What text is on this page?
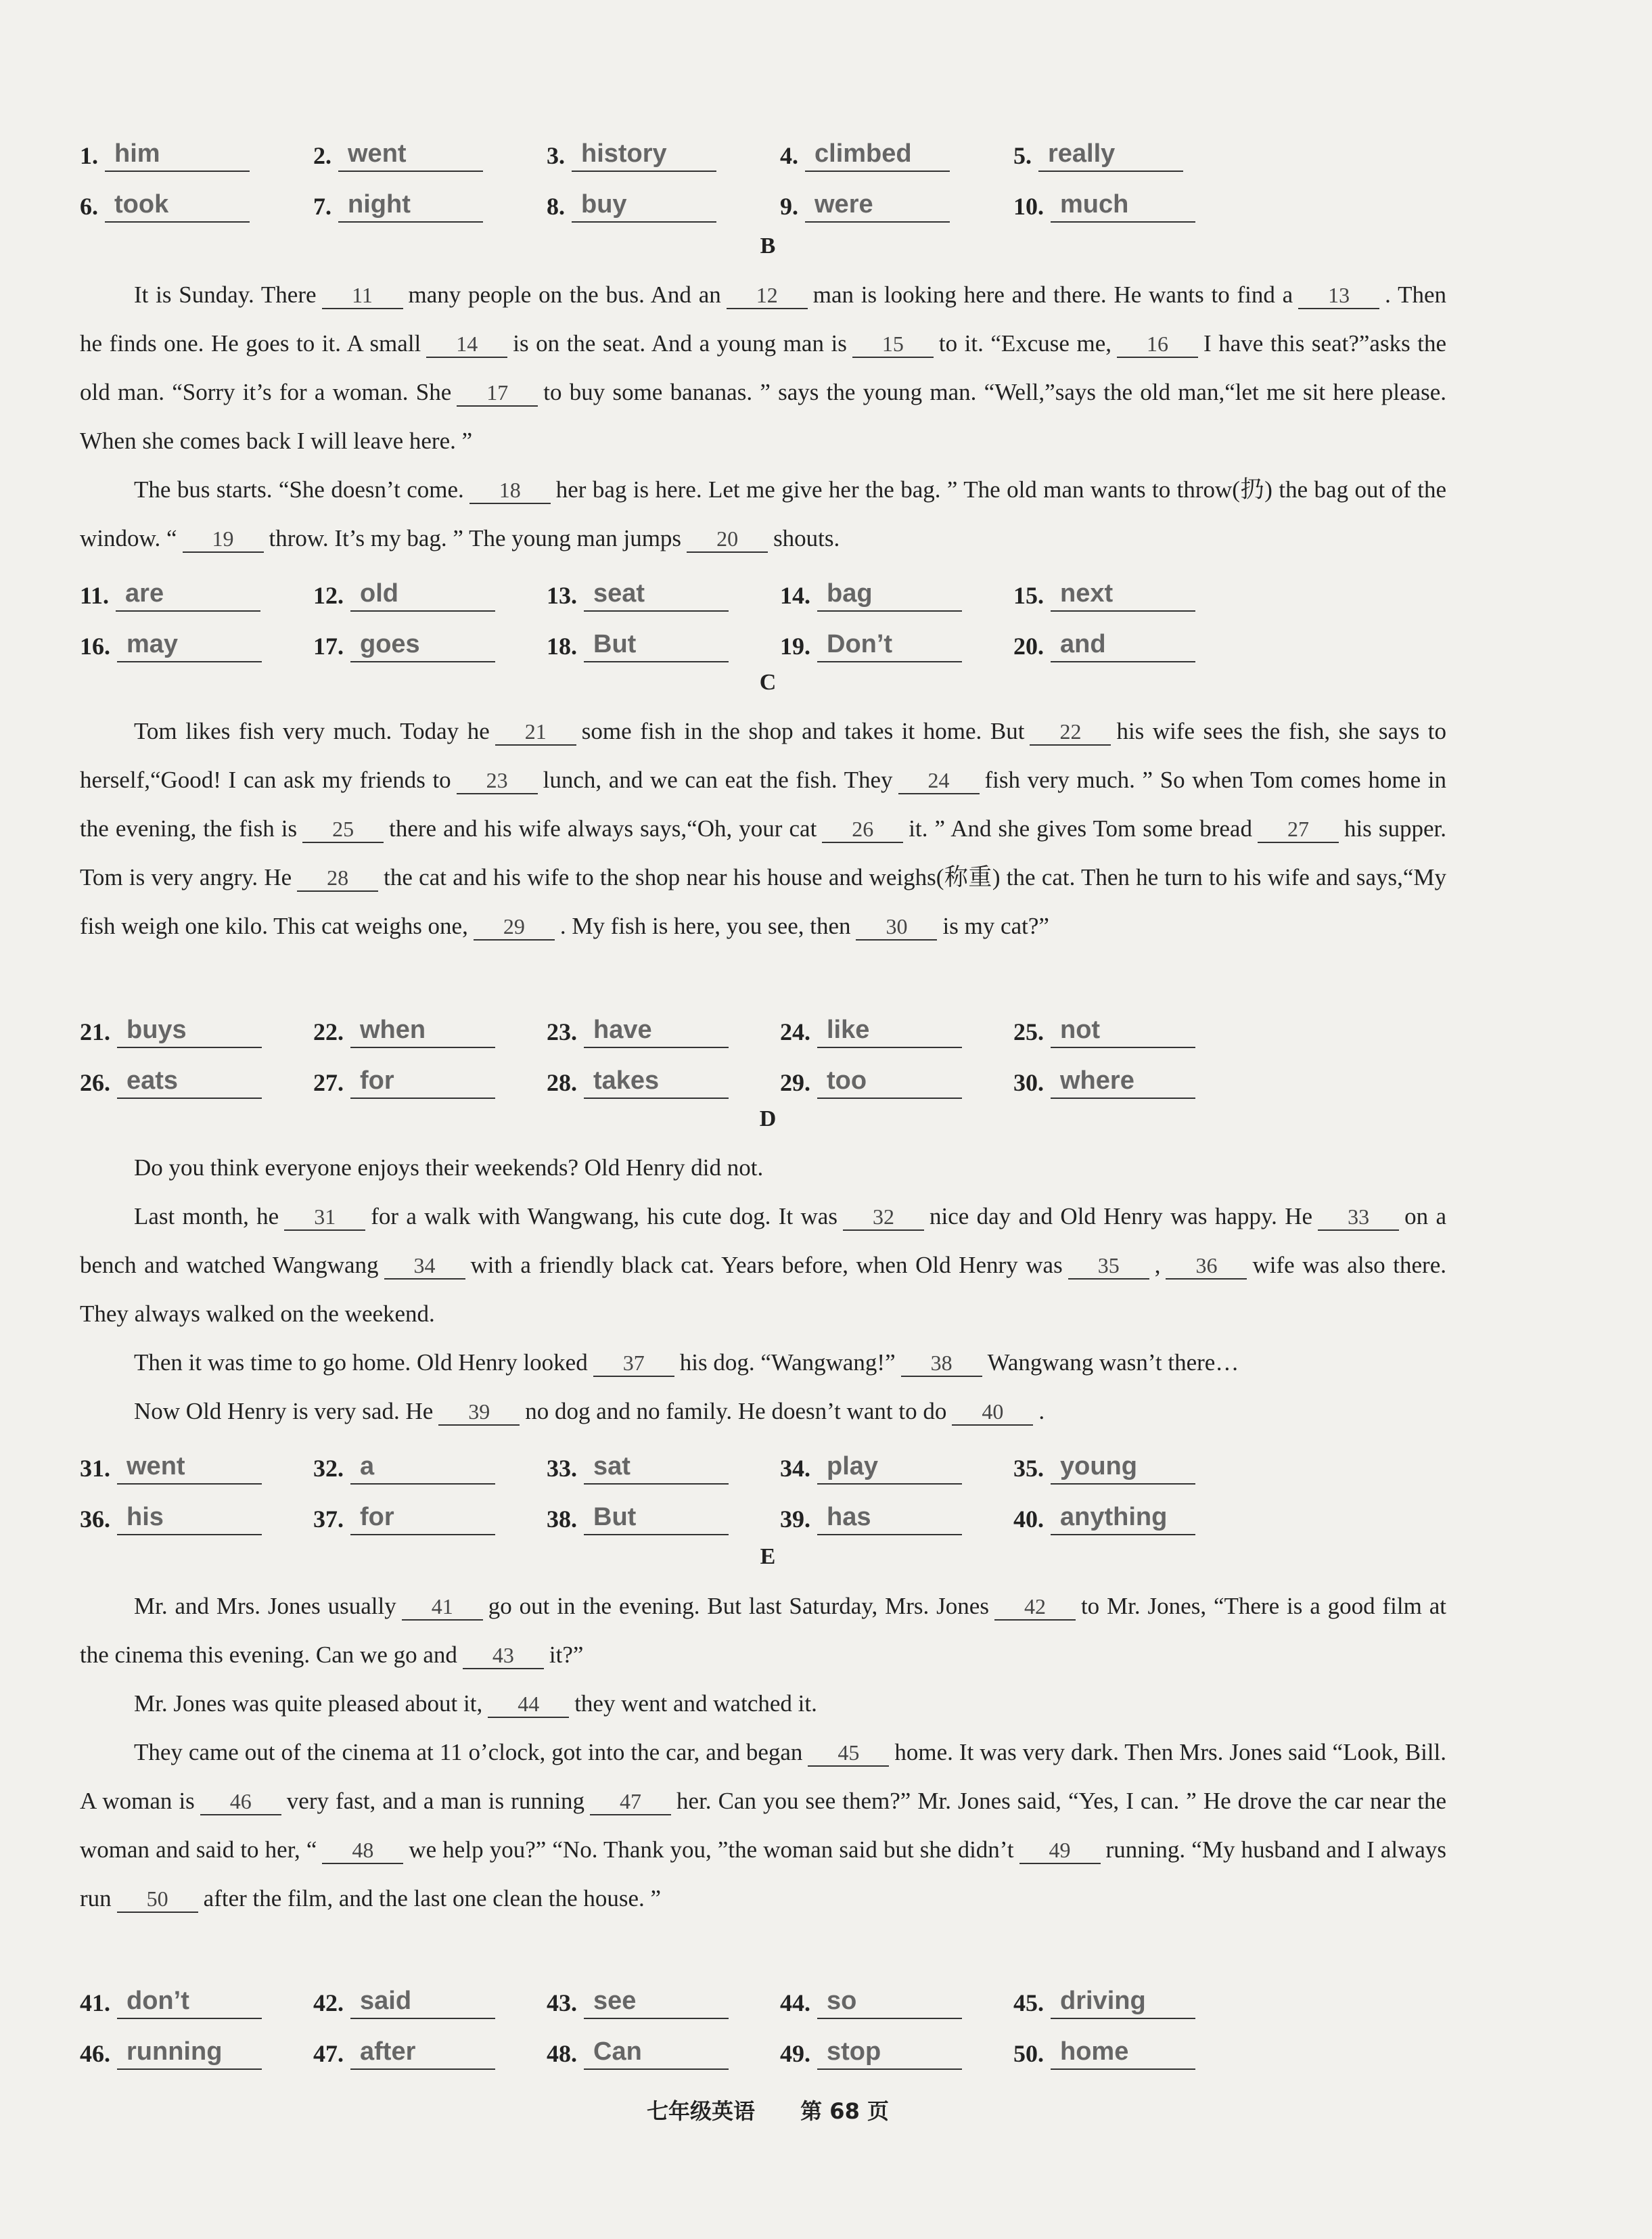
1. him	2. went	3. history	4. climbed	5. really
6. took	7. night	8. buy	9. were	10. much
B
It is Sunday. There 11 many people on the bus. And an 12 man is looking here and there. He wants to find a 13 . Then he finds one. He goes to it. A small 14 is on the seat. And a young man is 15 to it. “Excuse me, 16 I have this seat?”asks the old man. “Sorry it’s for a woman. She 17 to buy some bananas. ” says the young man. “Well,”says the old man,“let me sit here please. When she comes back I will leave here. ”
The bus starts. “She doesn’t come. 18 her bag is here. Let me give her the bag. ” The old man wants to throw(扔) the bag out of the window. “ 19 throw. It’s my bag. ” The young man jumps 20 shouts.
11. are	12. old	13. seat	14. bag	15. next
16. may	17. goes	18. But	19. Don’t	20. and
C
Tom likes fish very much. Today he 21 some fish in the shop and takes it home. But 22 his wife sees the fish, she says to herself,“Good! I can ask my friends to 23 lunch, and we can eat the fish. They 24 fish very much. ” So when Tom comes home in the evening, the fish is 25 there and his wife always says,“Oh, your cat 26 it. ” And she gives Tom some bread 27 his supper. Tom is very angry. He 28 the cat and his wife to the shop near his house and weighs(称重) the cat. Then he turn to his wife and says,“My fish weigh one kilo. This cat weighs one, 29 . My fish is here, you see, then 30 is my cat?”
21. buys	22. when	23. have	24. like	25. not
26. eats	27. for	28. takes	29. too	30. where
D
Do you think everyone enjoys their weekends? Old Henry did not.
Last month, he 31 for a walk with Wangwang, his cute dog. It was 32 nice day and Old Henry was happy. He 33 on a bench and watched Wangwang 34 with a friendly black cat. Years before, when Old Henry was 35 , 36 wife was also there. They always walked on the weekend.
Then it was time to go home. Old Henry looked 37 his dog. “Wangwang!” 38 Wangwang wasn’t there…
Now Old Henry is very sad. He 39 no dog and no family. He doesn’t want to do 40 .
31. went	32. a	33. sat	34. play	35. young
36. his	37. for	38. But	39. has	40. anything
E
Mr. and Mrs. Jones usually 41 go out in the evening. But last Saturday, Mrs. Jones 42 to Mr. Jones, “There is a good film at the cinema this evening. Can we go and 43 it?”
Mr. Jones was quite pleased about it, 44 they went and watched it.
They came out of the cinema at 11 o’clock, got into the car, and began 45 home. It was very dark. Then Mrs. Jones said “Look, Bill. A woman is 46 very fast, and a man is running 47 her. Can you see them?” Mr. Jones said, “Yes, I can. ” He drove the car near the woman and said to her, “ 48 we help you?” “No. Thank you, ”the woman said but she didn’t 49 running. “My husband and I always run 50 after the film, and the last one clean the house. ”
41. don’t	42. said	43. see	44. so	45. driving
46. running	47. after	48. Can	49. stop	50. home
七年级英语 第 68 页
